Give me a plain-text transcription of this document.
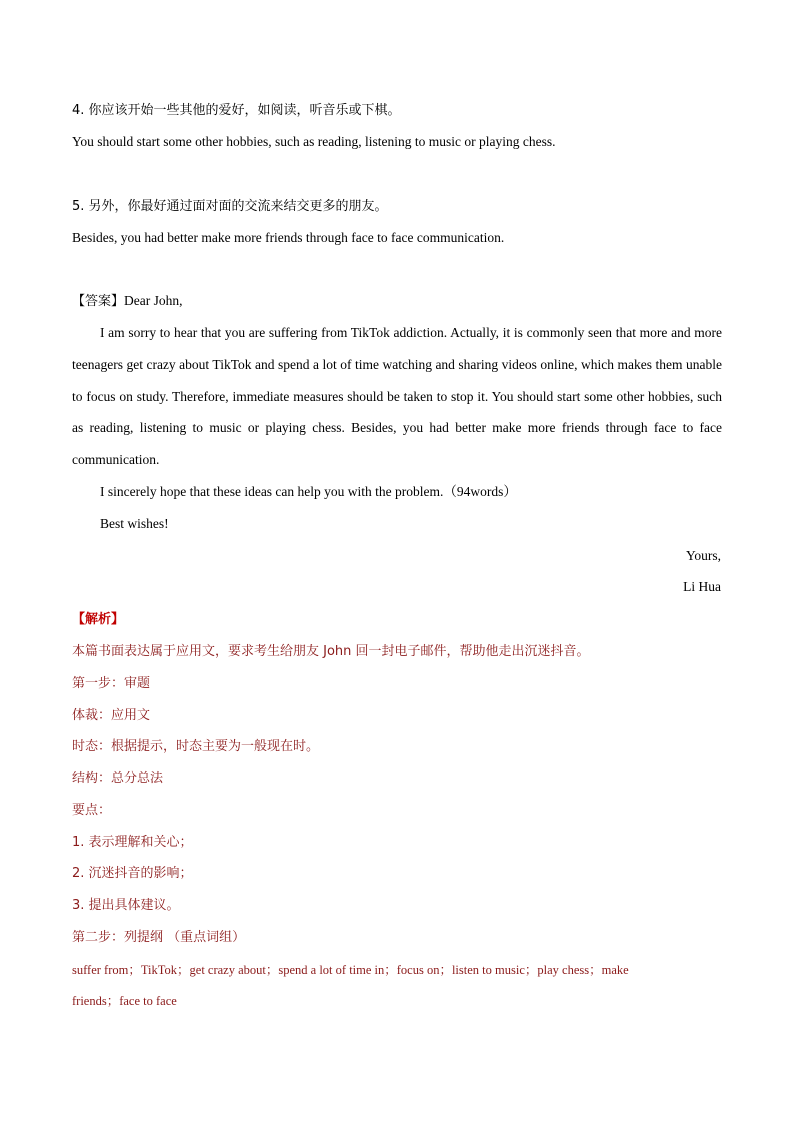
4. 你应该开始一些其他的爱好，如阅读，听音乐或下棋。
You should start some other hobbies, such as reading, listening to music or playing chess.
5. 另外，你最好通过面对面的交流来结交更多的朋友。
Besides, you had better make more friends through face to face communication.
【答案】Dear John,
I am sorry to hear that you are suffering from TikTok addiction. Actually, it is commonly seen that more and more teenagers get crazy about TikTok and spend a lot of time watching and sharing videos online, which makes them unable to focus on study. Therefore, immediate measures should be taken to stop it. You should start some other hobbies, such as reading, listening to music or playing chess. Besides, you had better make more friends through face to face communication.
I sincerely hope that these ideas can help you with the problem.（94words）
Best wishes!
Yours,
Li Hua
【解析】
本篇书面表达属于应用文，要求考生给朋友 John 回一封电子邮件，帮助他走出沉迷抖音。
第一步：审题
体裁：应用文
时态：根据提示，时态主要为一般现在时。
结构：总分总法
要点：
1. 表示理解和关心；
2. 沉迷抖音的影响；
3. 提出具体建议。
第二步：列提纲 （重点词组）
suffer from；TikTok；get crazy about；spend a lot of time in；focus on；listen to music；play chess；make
friends；face to face
